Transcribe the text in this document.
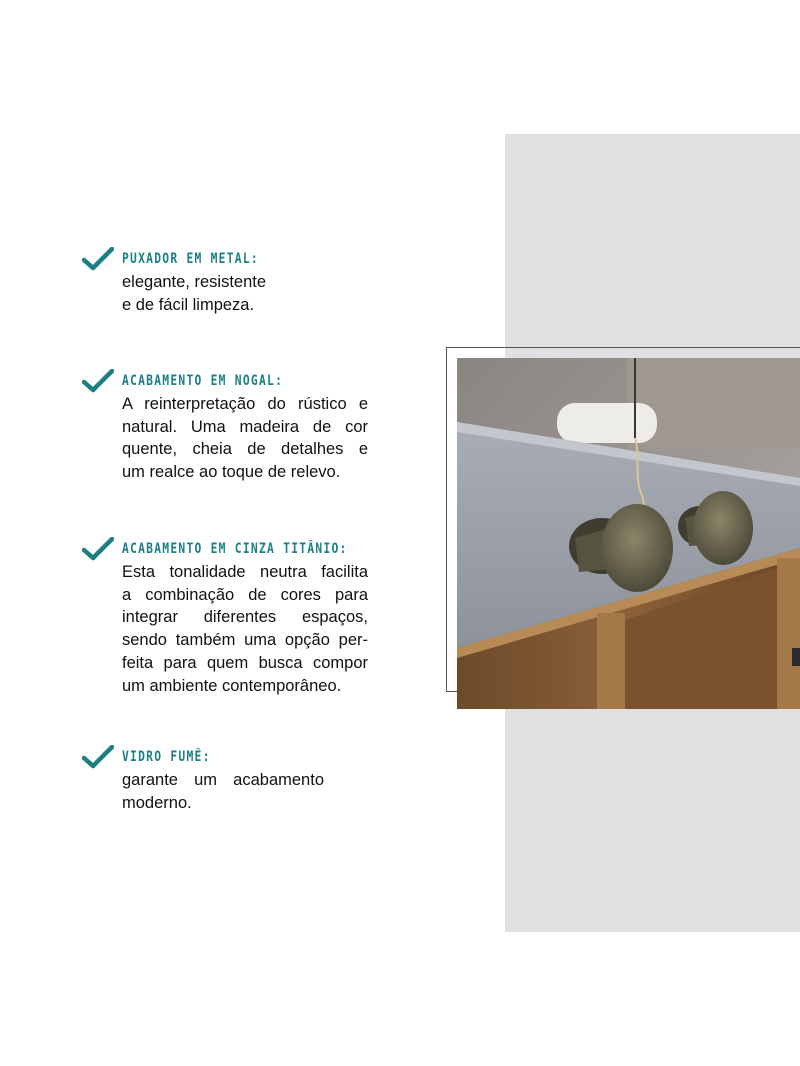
PUXADOR EM METAL:
elegante, resistente
e de fácil limpeza.
ACABAMENTO EM NOGAL:
A reinterpretação do rústico e
natural. Uma madeira de cor
quente, cheia de detalhes e
um realce ao toque de relevo.
ACABAMENTO EM CINZA TITÂNIO:
Esta tonalidade neutra facilita
a combinação de cores para
integrar diferentes espaços,
sendo também uma opção per-
feita para quem busca compor
um ambiente contemporâneo.
VIDRO FUMÊ:
garante um acabamento
moderno.
